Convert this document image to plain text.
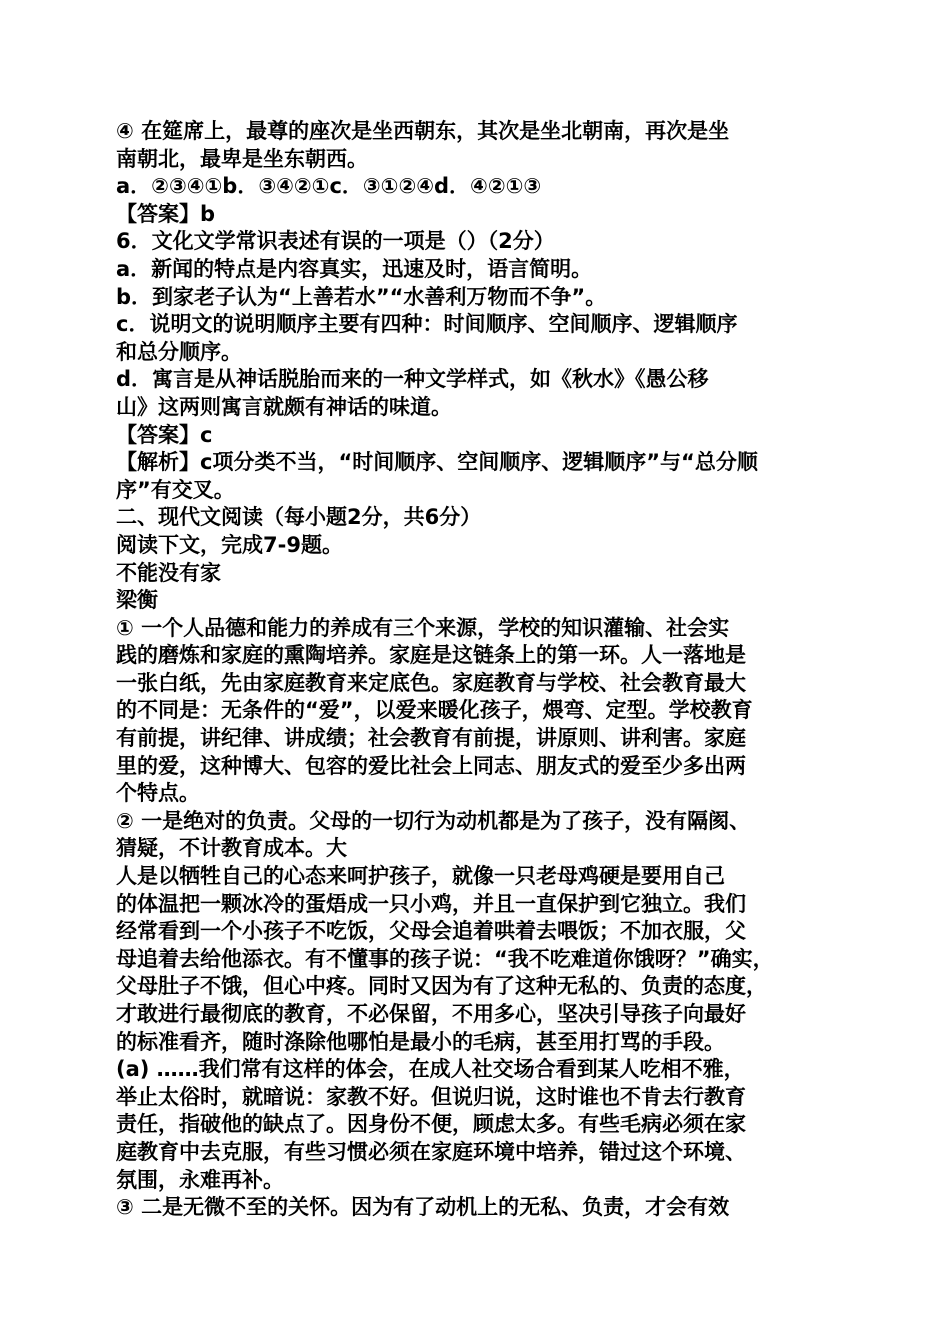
④ 在筵席上，最尊的座次是坐西朝东，其次是坐北朝南，再次是坐
南朝北，最卑是坐东朝西。
a．②③④①b．③④②①c．③①②④d．④②①③
【答案】b
6．文化文学常识表述有误的一项是（）（2分）
a．新闻的特点是内容真实，迅速及时，语言简明。
b．到家老子认为“上善若水”“水善利万物而不争”。
c．说明文的说明顺序主要有四种：时间顺序、空间顺序、逻辑顺序
和总分顺序。
d．寓言是从神话脱胎而来的一种文学样式，如《秋水》《愚公移
山》这两则寓言就颇有神话的味道。
【答案】c
【解析】c项分类不当，“时间顺序、空间顺序、逻辑顺序”与“总分顺
序”有交叉。
二、现代文阅读（每小题2分，共6分）
阅读下文，完成7-9题。
不能没有家
梁衡
① 一个人品德和能力的养成有三个来源，学校的知识灌输、社会实
践的磨炼和家庭的熏陶培养。家庭是这链条上的第一环。人一落地是
一张白纸，先由家庭教育来定底色。家庭教育与学校、社会教育最大
的不同是：无条件的“爱”，以爱来暖化孩子，煨弯、定型。学校教育
有前提，讲纪律、讲成绩；社会教育有前提，讲原则、讲利害。家庭
里的爱，这种博大、包容的爱比社会上同志、朋友式的爱至少多出两
个特点。
② 一是绝对的负责。父母的一切行为动机都是为了孩子，没有隔阂、
猜疑，不计教育成本。大
人是以牺牲自己的心态来呵护孩子，就像一只老母鸡硬是要用自己
的体温把一颗冰冷的蛋焐成一只小鸡，并且一直保护到它独立。我们
经常看到一个小孩子不吃饭，父母会追着哄着去喂饭；不加衣服，父
母追着去给他添衣。有不懂事的孩子说：“我不吃难道你饿呀？”确实，
父母肚子不饿，但心中疼。同时又因为有了这种无私的、负责的态度，
才敢进行最彻底的教育，不必保留，不用多心，坚决引导孩子向最好
的标准看齐，随时涤除他哪怕是最小的毛病，甚至用打骂的手段。
(a) ……我们常有这样的体会，在成人社交场合看到某人吃相不雅，
举止太俗时，就暗说：家教不好。但说归说，这时谁也不肯去行教育
责任，指破他的缺点了。因身份不便，顾虑太多。有些毛病必须在家
庭教育中去克服，有些习惯必须在家庭环境中培养，错过这个环境、
氛围，永难再补。
③ 二是无微不至的关怀。因为有了动机上的无私、负责，才会有效
